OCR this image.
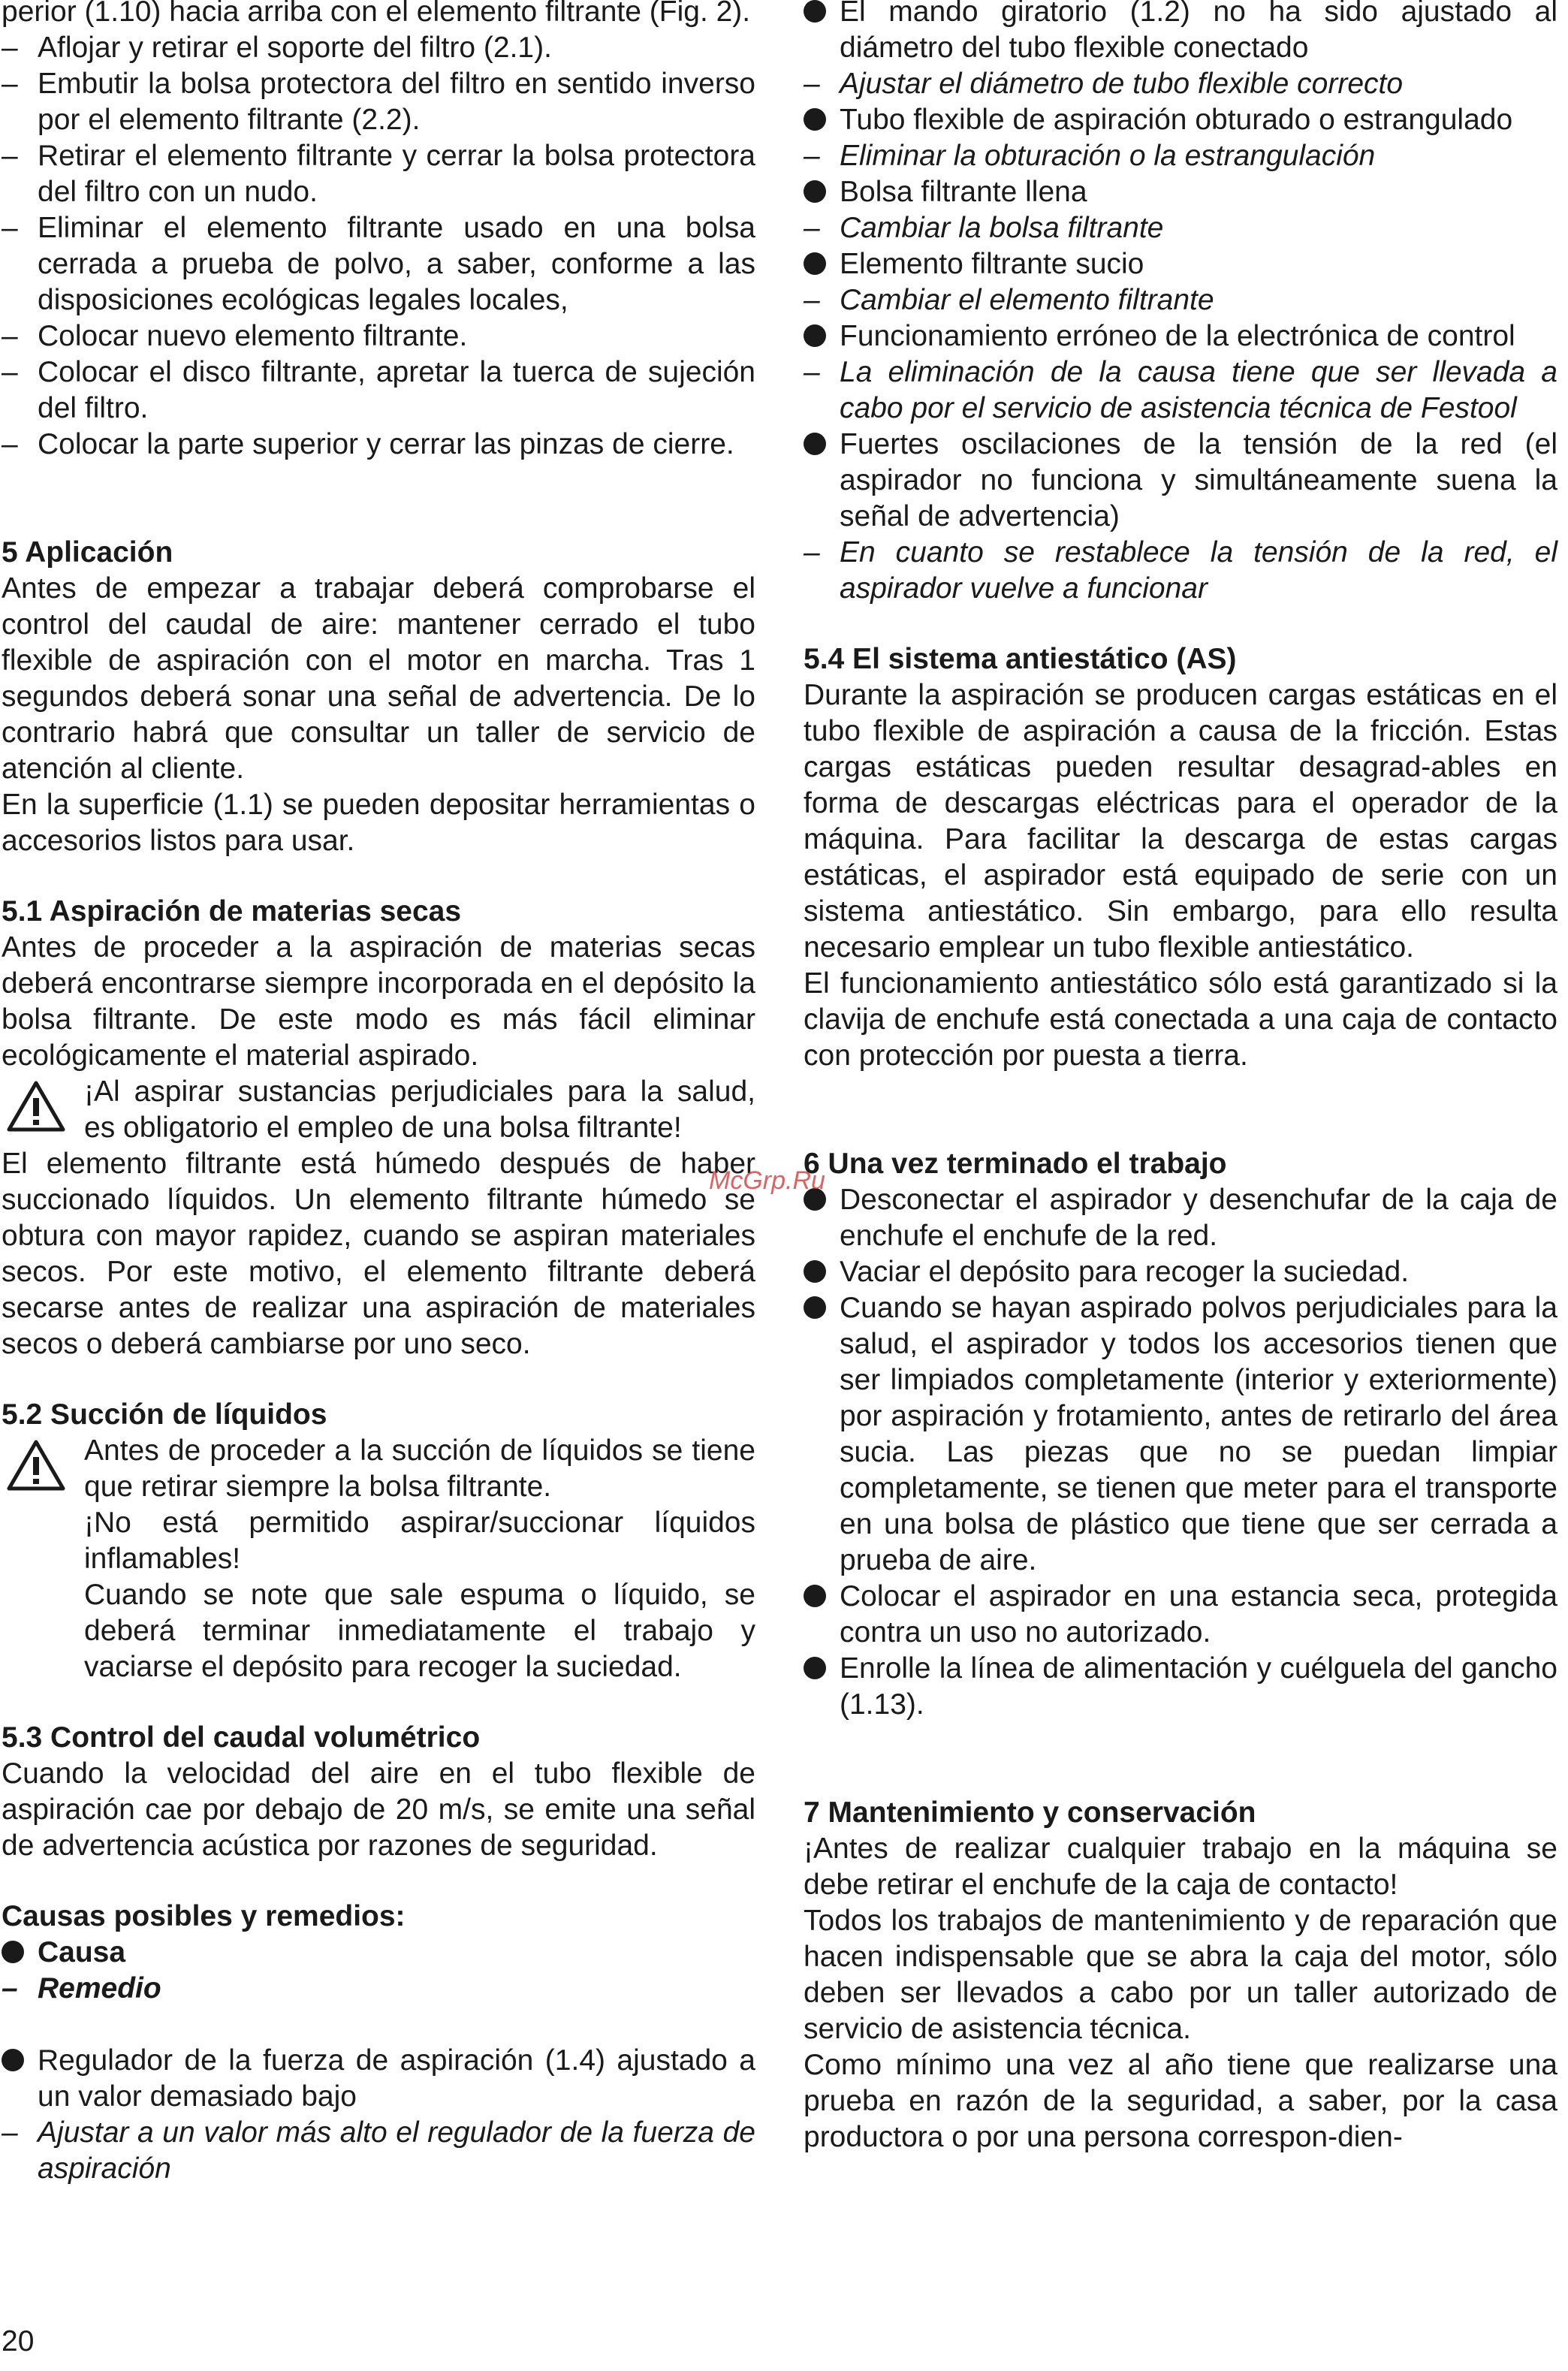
perior (1.10) hacia arriba con el elemento filtrante (Fig. 2).

– Aflojar y retirar el soporte del filtro (2.1).
– Embutir la bolsa protectora del filtro en sentido inverso por el elemento filtrante (2.2).
– Retirar el elemento filtrante y cerrar la bolsa protectora del filtro con un nudo.
– Eliminar el elemento filtrante usado en una bolsa cerrada a prueba de polvo, a saber, conforme a las disposiciones ecológicas legales locales,
– Colocar nuevo elemento filtrante.
– Colocar el disco filtrante, apretar la tuerca de sujeción del filtro.
– Colocar la parte superior y cerrar las pinzas de cierre.
5 Aplicación

Antes de empezar a trabajar deberá comprobarse el control del caudal de aire: mantener cerrado el tubo flexible de aspiración con el motor en marcha. Tras 1 segundos deberá sonar una señal de advertencia. De lo contrario habrá que consultar un taller de servicio de atención al cliente.

En la superficie (1.1) se pueden depositar herramientas o accesorios listos para usar.

5.1 Aspiración de materias secas

Antes de proceder a la aspiración de materias secas deberá encontrarse siempre incorporada en el depósito la bolsa filtrante. De este modo es más fácil eliminar ecológicamente el material aspirado.

¡Al aspirar sustancias perjudiciales para la salud, es obligatorio el empleo de una bolsa filtrante!

El elemento filtrante está húmedo después de haber succionado líquidos. Un elemento filtrante húmedo se obtura con mayor rapidez, cuando se aspiran materiales secos. Por este motivo, el elemento filtrante deberá secarse antes de realizar una aspiración de materiales secos o deberá cambiarse por uno seco.

5.2 Succión de líquidos
Antes de proceder a la succión de líquidos se tiene que retirar siempre la bolsa filtrante.
¡No está permitido aspirar/succionar líquidos inflamables!
Cuando se note que sale espuma o líquido, se deberá terminar inmediatamente el trabajo y vaciarse el depósito para recoger la suciedad.
5.3 Control del caudal volumétrico

Cuando la velocidad del aire en el tubo flexible de aspiración cae por debajo de 20 m/s, se emite una señal de advertencia acústica por razones de seguridad.

Causas posibles y remedios:

Causa
– Remedio
Regulador de la fuerza de aspiración (1.4) ajustado a un valor demasiado bajo
– Ajustar a un valor más alto el regulador de la fuerza de aspiración
El mando giratorio (1.2) no ha sido ajustado al diámetro del tubo flexible conectado
– Ajustar el diámetro de tubo flexible correcto
Tubo flexible de aspiración obturado o estrangulado
– Eliminar la obturación o la estrangulación
Bolsa filtrante llena
– Cambiar la bolsa filtrante
Elemento filtrante sucio
– Cambiar el elemento filtrante
Funcionamiento erróneo de la electrónica de control
– La eliminación de la causa tiene que ser llevada a cabo por el servicio de asistencia técnica de Festool
Fuertes oscilaciones de la tensión de la red (el aspirador no funciona y simultáneamente suena la señal de advertencia)
– En cuanto se restablece la tensión de la red, el aspirador vuelve a funcionar
5.4 El sistema antiestático (AS)

Durante la aspiración se producen cargas estáticas en el tubo flexible de aspiración a causa de la fricción. Estas cargas estáticas pueden resultar desagrad-ables en forma de descargas eléctricas para el operador de la máquina. Para facilitar la descarga de estas cargas estáticas, el aspirador está equipado de serie con un sistema antiestático. Sin embargo, para ello resulta necesario emplear un tubo flexible antiestático.

El funcionamiento antiestático sólo está garantizado si la clavija de enchufe está conectada a una caja de contacto con protección por puesta a tierra.

6 Una vez terminado el trabajo
Desconectar el aspirador y desenchufar de la caja de enchufe el enchufe de la red.
Vaciar el depósito para recoger la suciedad.
Cuando se hayan aspirado polvos perjudiciales para la salud, el aspirador y todos los accesorios tienen que ser limpiados completamente (interior y exteriormente) por aspiración y frotamiento, antes de retirarlo del área sucia. Las piezas que no se puedan limpiar completamente, se tienen que meter para el transporte en una bolsa de plástico que tiene que ser cerrada a prueba de aire.
Colocar el aspirador en una estancia seca, protegida contra un uso no autorizado.
Enrolle la línea de alimentación y cuélguela del gancho (1.13).
7 Mantenimiento y conservación

¡Antes de realizar cualquier trabajo en la máquina se debe retirar el enchufe de la caja de contacto!

Todos los trabajos de mantenimiento y de reparación que hacen indispensable que se abra la caja del motor, sólo deben ser llevados a cabo por un taller autorizado de servicio de asistencia técnica.

Como mínimo una vez al año tiene que realizarse una prueba en razón de la seguridad, a saber, por la casa productora o por una persona correspon-dien-

McGrp.Ru
20
